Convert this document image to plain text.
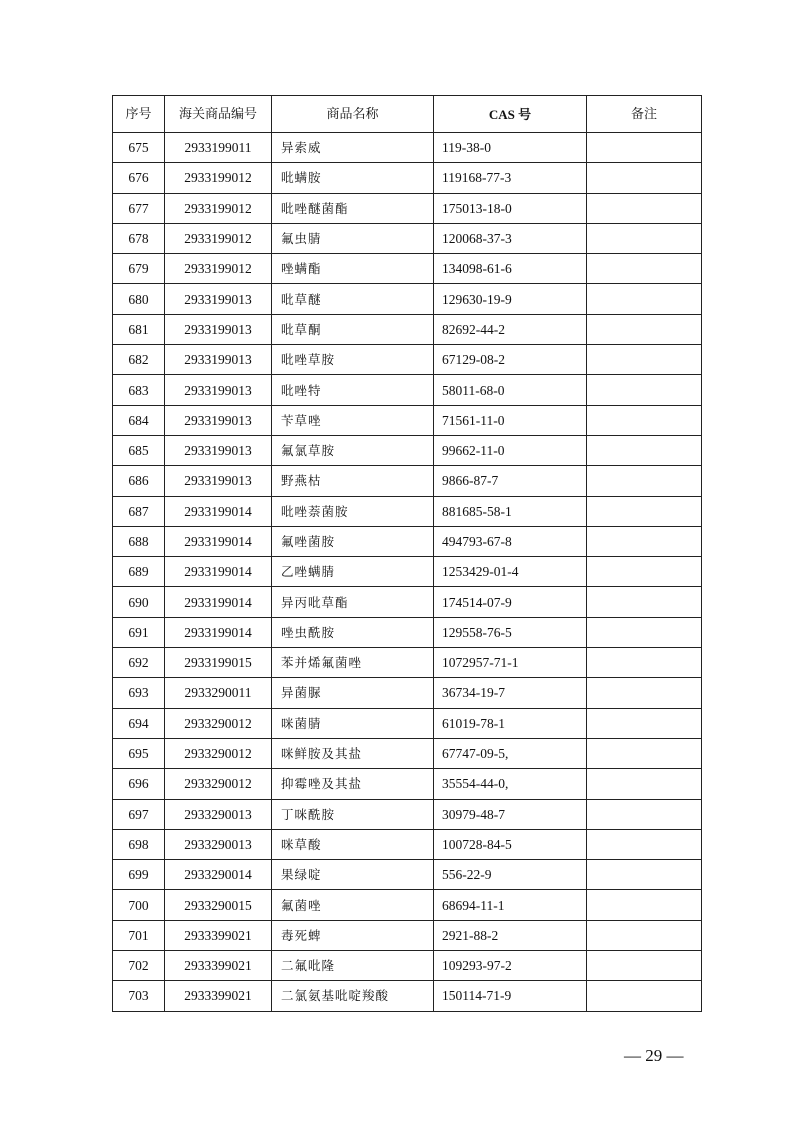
序号	海关商品编号	商品名称	CAS 号	备注
675	2933199011	异索威	119-38-0	
676	2933199012	吡螨胺	119168-77-3	
677	2933199012	吡唑醚菌酯	175013-18-0	
678	2933199012	氟虫腈	120068-37-3	
679	2933199012	唑螨酯	134098-61-6	
680	2933199013	吡草醚	129630-19-9	
681	2933199013	吡草酮	82692-44-2	
682	2933199013	吡唑草胺	67129-08-2	
683	2933199013	吡唑特	58011-68-0	
684	2933199013	苄草唑	71561-11-0	
685	2933199013	氟氯草胺	99662-11-0	
686	2933199013	野燕枯	9866-87-7	
687	2933199014	吡唑萘菌胺	881685-58-1	
688	2933199014	氟唑菌胺	494793-67-8	
689	2933199014	乙唑螨腈	1253429-01-4	
690	2933199014	异丙吡草酯	174514-07-9	
691	2933199014	唑虫酰胺	129558-76-5	
692	2933199015	苯并烯氟菌唑	1072957-71-1	
693	2933290011	异菌脲	36734-19-7	
694	2933290012	咪菌腈	61019-78-1	
695	2933290012	咪鲜胺及其盐	67747-09-5,	
696	2933290012	抑霉唑及其盐	35554-44-0,	
697	2933290013	丁咪酰胺	30979-48-7	
698	2933290013	咪草酸	100728-84-5	
699	2933290014	果绿啶	556-22-9	
700	2933290015	氟菌唑	68694-11-1	
701	2933399021	毒死蜱	2921-88-2	
702	2933399021	二氟吡隆	109293-97-2	
703	2933399021	二氯氨基吡啶羧酸	150114-71-9	
— 29 —
